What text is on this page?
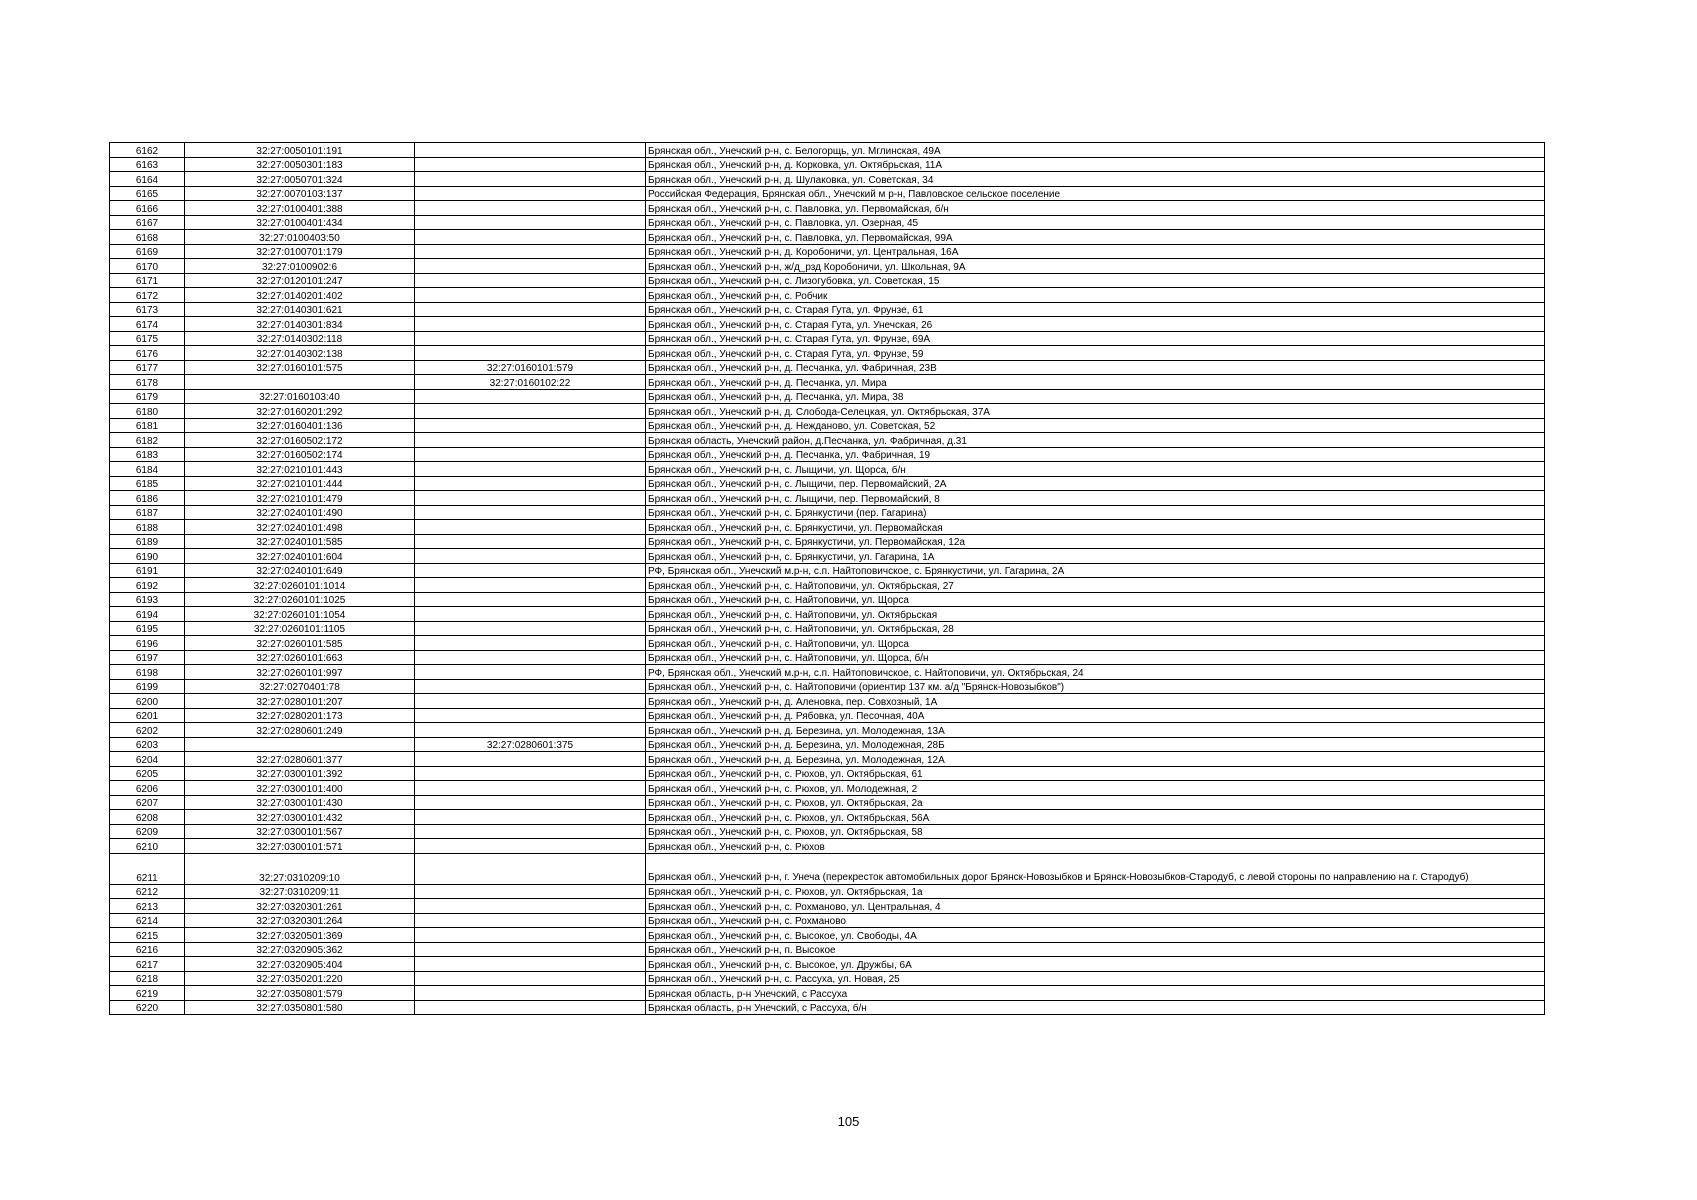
6162	32:27:0050101:191		Брянская обл., Унечский р-н, с. Белогорщь, ул. Мглинская, 49А
6163	32:27:0050301:183		Брянская обл., Унечский р-н, д. Корковка, ул. Октябрьская, 11А
6164	32:27:0050701:324		Брянская обл., Унечский р-н, д. Шулаковка, ул. Советская, 34
6165	32:27:0070103:137		Российская Федерация, Брянская обл., Унечский м р-н, Павловское сельское поселение
6166	32:27:0100401:388		Брянская обл., Унечский р-н, с. Павловка, ул. Первомайская, б/н
6167	32:27:0100401:434		Брянская обл., Унечский р-н, с. Павловка, ул. Озерная, 45
6168	32:27:0100403:50		Брянская обл., Унечский р-н, с. Павловка, ул. Первомайская, 99А
6169	32:27:0100701:179		Брянская обл., Унечский р-н, д. Коробоничи, ул. Центральная, 16А
6170	32:27:0100902:6		Брянская обл., Унечский р-н, ж/д_рзд Коробоничи, ул. Школьная, 9А
6171	32:27:0120101:247		Брянская обл., Унечский р-н, с. Лизогубовка, ул. Советская, 15
6172	32:27:0140201:402		Брянская обл., Унечский р-н, с. Робчик
6173	32:27:0140301:621		Брянская обл., Унечский р-н, с. Старая Гута, ул. Фрунзе, 61
6174	32:27:0140301:834		Брянская обл., Унечский р-н, с. Старая Гута, ул. Унечская, 26
6175	32:27:0140302:118		Брянская обл., Унечский р-н, с. Старая Гута, ул. Фрунзе, 69А
6176	32:27:0140302:138		Брянская обл., Унечский р-н, с. Старая Гута, ул. Фрунзе, 59
6177	32:27:0160101:575	32:27:0160101:579	Брянская обл., Унечский р-н, д. Песчанка, ул. Фабричная, 23В
6178		32:27:0160102:22	Брянская обл., Унечский р-н, д. Песчанка, ул. Мира
6179	32:27:0160103:40		Брянская обл., Унечский р-н, д. Песчанка, ул. Мира, 38
6180	32:27:0160201:292		Брянская обл., Унечский р-н, д. Слобода-Селецкая, ул. Октябрьская, 37А
6181	32:27:0160401:136		Брянская обл., Унечский р-н, д. Нежданово, ул. Советская, 52
6182	32:27:0160502:172		Брянская область, Унечский район, д.Песчанка, ул. Фабричная, д.31
6183	32:27:0160502:174		Брянская обл., Унечский р-н, д. Песчанка, ул. Фабричная, 19
6184	32:27:0210101:443		Брянская обл., Унечский р-н, с. Лыщичи, ул. Щорса, б/н
6185	32:27:0210101:444		Брянская обл., Унечский р-н, с. Лыщичи, пер. Первомайский, 2А
6186	32:27:0210101:479		Брянская обл., Унечский р-н, с. Лыщичи, пер. Первомайский, 8
6187	32:27:0240101:490		Брянская обл., Унечский р-н, с. Брянкустичи (пер. Гагарина)
6188	32:27:0240101:498		Брянская обл., Унечский р-н, с. Брянкустичи, ул. Первомайская
6189	32:27:0240101:585		Брянская обл., Унечский р-н, с. Брянкустичи, ул. Первомайская, 12а
6190	32:27:0240101:604		Брянская обл., Унечский р-н, с. Брянкустичи, ул. Гагарина, 1А
6191	32:27:0240101:649		РФ, Брянская обл., Унечский м.р-н, с.п. Найтоповичское, с. Брянкустичи, ул. Гагарина, 2А
6192	32:27:0260101:1014		Брянская обл., Унечский р-н, с. Найтоповичи, ул. Октябрьская, 27
6193	32:27:0260101:1025		Брянская обл., Унечский р-н, с. Найтоповичи, ул. Щорса
6194	32:27:0260101:1054		Брянская обл., Унечский р-н, с. Найтоповичи, ул. Октябрьская
6195	32:27:0260101:1105		Брянская обл., Унечский р-н, с. Найтоповичи, ул. Октябрьская, 28
6196	32:27:0260101:585		Брянская обл., Унечский р-н, с. Найтоповичи, ул. Щорса
6197	32:27:0260101:663		Брянская обл., Унечский р-н, с. Найтоповичи, ул. Щорса, б/н
6198	32:27:0260101:997		РФ, Брянская обл., Унечский м.р-н, с.п. Найтоповичское, с. Найтоповичи, ул. Октябрьская, 24
6199	32:27:0270401:78		Брянская обл., Унечский р-н, с. Найтоповичи (ориентир 137 км. а/д "Брянск-Новозыбков")
6200	32:27:0280101:207		Брянская обл., Унечский р-н, д. Аленовка, пер. Совхозный, 1А
6201	32:27:0280201:173		Брянская обл., Унечский р-н, д. Рябовка, ул. Песочная, 40А
6202	32:27:0280601:249		Брянская обл., Унечский р-н, д. Березина, ул. Молодежная, 13А
6203		32:27:0280601:375	Брянская обл., Унечский р-н, д. Березина, ул. Молодежная, 28Б
6204	32:27:0280601:377		Брянская обл., Унечский р-н, д. Березина, ул. Молодежная, 12А
6205	32:27:0300101:392		Брянская обл., Унечский р-н, с. Рюхов, ул. Октябрьская, 61
6206	32:27:0300101:400		Брянская обл., Унечский р-н, с. Рюхов, ул. Молодежная, 2
6207	32:27:0300101:430		Брянская обл., Унечский р-н, с. Рюхов, ул. Октябрьская, 2а
6208	32:27:0300101:432		Брянская обл., Унечский р-н, с. Рюхов, ул. Октябрьская, 56А
6209	32:27:0300101:567		Брянская обл., Унечский р-н, с. Рюхов, ул. Октябрьская, 58
6210	32:27:0300101:571		Брянская обл., Унечский р-н, с. Рюхов
6211	32:27:0310209:10		Брянская обл., Унечский р-н, г. Унеча (перекресток автомобильных дорог Брянск-Новозыбков и Брянск-Новозыбков-Стародуб, с левой стороны по направлению на г. Стародуб)
6212	32:27:0310209:11		Брянская обл., Унечский р-н, с. Рюхов, ул. Октябрьская, 1а
6213	32:27:0320301:261		Брянская обл., Унечский р-н, с. Рохманово, ул. Центральная, 4
6214	32:27:0320301:264		Брянская обл., Унечский р-н, с. Рохманово
6215	32:27:0320501:369		Брянская обл., Унечский р-н, с. Высокое, ул. Свободы, 4А
6216	32:27:0320905:362		Брянская обл., Унечский р-н, п. Высокое
6217	32:27:0320905:404		Брянская обл., Унечский р-н, с. Высокое, ул. Дружбы, 6А
6218	32:27:0350201:220		Брянская обл., Унечский р-н, с. Рассуха, ул. Новая, 25
6219	32:27:0350801:579		Брянская область, р-н Унечский, с Рассуха
6220	32:27:0350801:580		Брянская область, р-н Унечский, с Рассуха, б/н
105
